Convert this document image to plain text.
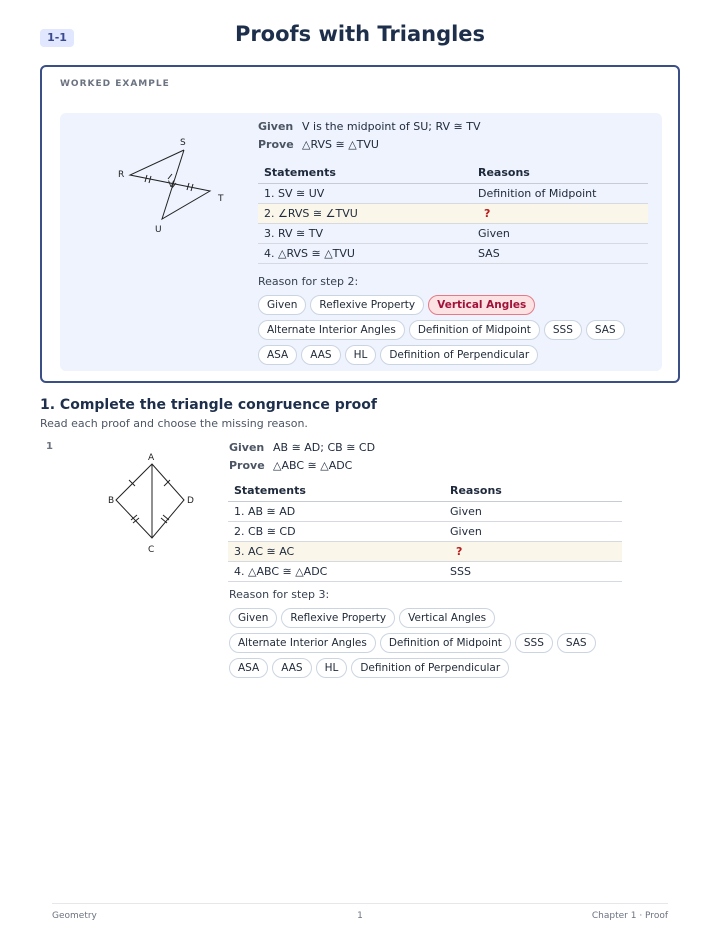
1-1	Proofs with Triangles
WORKED EXAMPLE
S
R
V
T
U
Given V is the midpoint of SU; RV ≅ TV
Prove △RVS ≅ △TVU
Statements	Reasons
1. SV ≅ UV	Definition of Midpoint
2. ∠RVS ≅ ∠TVU	?
3. RV ≅ TV	Given
4. △RVS ≅ △TVU	SAS
Reason for step 2:
Given Reflexive Property Vertical Angles
Alternate Interior Angles Definition of Midpoint SSS SAS
ASA AAS HL Definition of Perpendicular
1. Complete the triangle congruence proof
Read each proof and choose the missing reason.
1
A
B
C
D
Given AB ≅ AD; CB ≅ CD
Prove △ABC ≅ △ADC
Statements	Reasons
1. AB ≅ AD	Given
2. CB ≅ CD	Given
3. AC ≅ AC	?
4. △ABC ≅ △ADC	SSS
Reason for step 3:
Given Reflexive Property Vertical Angles
Alternate Interior Angles Definition of Midpoint SSS SAS
ASA AAS HL Definition of Perpendicular
Geometry	1	Chapter 1 · Proof
